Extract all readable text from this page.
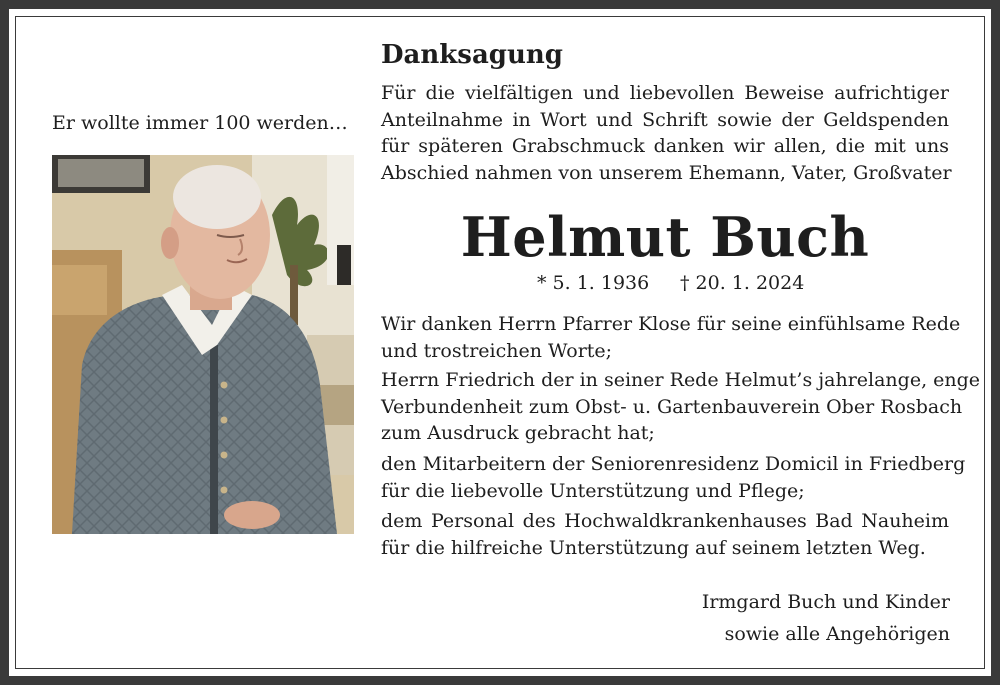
Er wollte immer 100 werden…
Danksagung
Für die vielfältigen und liebevollen Beweise aufrichtiger
Anteilnahme in Wort und Schrift sowie der Geldspenden
für späteren Grabschmuck danken wir allen, die mit uns
Abschied nahmen von unserem Ehemann, Vater, Großvater
Helmut Buch
* 5. 1. 1936 † 20. 1. 2024
Wir danken Herrn Pfarrer Klose für seine einfühlsame Rede
und trostreichen Worte;
Herrn Friedrich der in seiner Rede Helmut’s jahrelange, enge
Verbundenheit zum Obst- u. Gartenbauverein Ober Rosbach
zum Ausdruck gebracht hat;
den Mitarbeitern der Seniorenresidenz Domicil in Friedberg
für die liebevolle Unterstützung und Pflege;
dem Personal des Hochwaldkrankenhauses Bad Nauheim
für die hilfreiche Unterstützung auf seinem letzten Weg.
Irmgard Buch und Kinder
sowie alle Angehörigen
